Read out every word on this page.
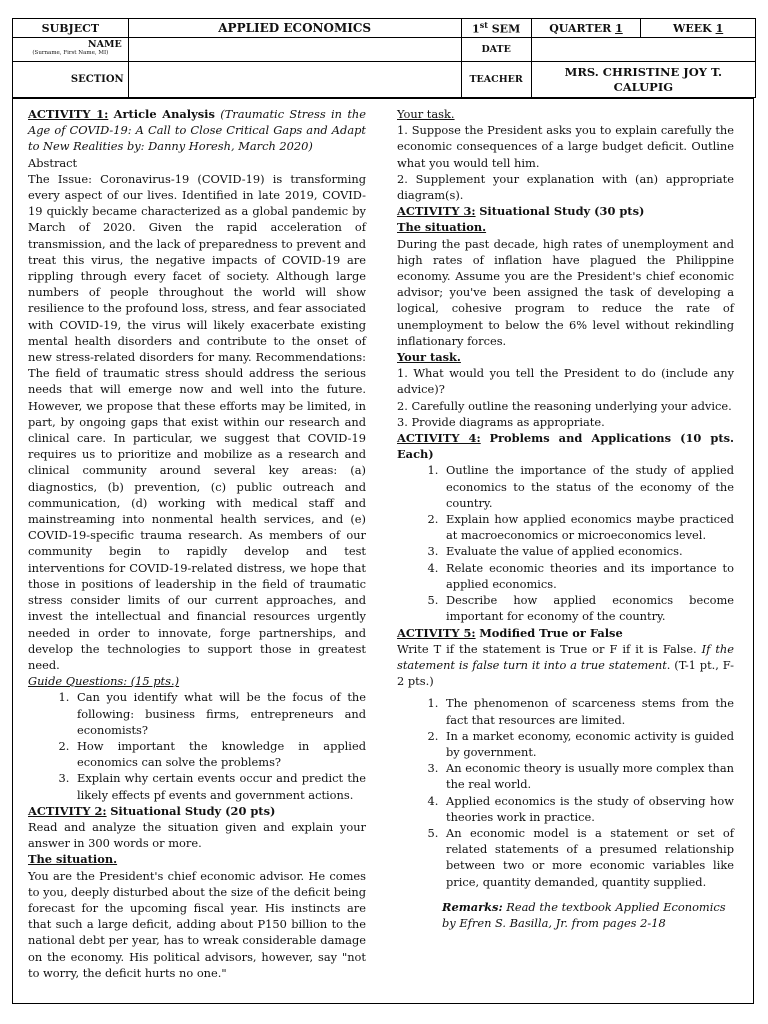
SUBJECT	APPLIED ECONOMICS	1st SEM	QUARTER 1	WEEK 1

NAME
(Surname, First Name, MI)		DATE		
SECTION		TEACHER	MRS. CHRISTINE JOY T. CALUPIG	

ACTIVITY 1: Article Analysis (Traumatic Stress in the Age of COVID-19: A Call to Close Critical Gaps and Adapt to New Realities by: Danny Horesh, March 2020)

Abstract

The Issue: Coronavirus-19 (COVID-19) is transforming every aspect of our lives. Identified in late 2019, COVID-19 quickly became characterized as a global pandemic by March of 2020. Given the rapid acceleration of transmission, and the lack of preparedness to prevent and treat this virus, the negative impacts of COVID-19 are rippling through every facet of society. Although large numbers of people throughout the world will show resilience to the profound loss, stress, and fear associated with COVID-19, the virus will likely exacerbate existing mental health disorders and contribute to the onset of new stress-related disorders for many. Recommendations: The field of traumatic stress should address the serious needs that will emerge now and well into the future. However, we propose that these efforts may be limited, in part, by ongoing gaps that exist within our research and clinical care. In particular, we suggest that COVID-19 requires us to prioritize and mobilize as a research and clinical community around several key areas: (a) diagnostics, (b) prevention, (c) public outreach and communication, (d) working with medical staff and mainstreaming into nonmental health services, and (e) COVID-19-specific trauma research. As members of our community begin to rapidly develop and test interventions for COVID-19-related distress, we hope that those in positions of leadership in the field of traumatic stress consider limits of our current approaches, and invest the intellectual and financial resources urgently needed in order to innovate, forge partnerships, and develop the technologies to support those in greatest need.

Guide Questions: (15 pts.)

1. Can you identify what will be the focus of the following: business firms, entrepreneurs and economists?
2. How important the knowledge in applied economics can solve the problems?
3. Explain why certain events occur and predict the likely effects pf events and government actions.

ACTIVITY 2: Situational Study (20 pts)

Read and analyze the situation given and explain your answer in 300 words or more.

The situation.

You are the President's chief economic advisor. He comes to you, deeply disturbed about the size of the deficit being forecast for the upcoming fiscal year. His instincts are that such a large deficit, adding about P150 billion to the national debt per year, has to wreak considerable damage on the economy. His political advisors, however, say "not to worry, the deficit hurts no one."

Your task.

1. Suppose the President asks you to explain carefully the economic consequences of a large budget deficit. Outline what you would tell him.

2. Supplement your explanation with (an) appropriate diagram(s).

ACTIVITY 3: Situational Study (30 pts)

The situation.

During the past decade, high rates of unemployment and high rates of inflation have plagued the Philippine economy. Assume you are the President's chief economic advisor; you've been assigned the task of developing a logical, cohesive program to reduce the rate of unemployment to below the 6% level without rekindling inflationary forces.

Your task.

1. What would you tell the President to do (include any advice)?

2. Carefully outline the reasoning underlying your advice.

3. Provide diagrams as appropriate.

ACTIVITY 4: Problems and Applications (10 pts. Each)

1. Outline the importance of the study of applied economics to the status of the economy of the country.
2. Explain how applied economics maybe practiced at macroeconomics or microeconomics level.
3. Evaluate the value of applied economics.
4. Relate economic theories and its importance to applied economics.
5. Describe how applied economics become important for economy of the country.

ACTIVITY 5: Modified True or False

Write T if the statement is True or F if it is False. If the statement is false turn it into a true statement. (T-1 pt., F-2 pts.)

1. The phenomenon of scarceness stems from the fact that resources are limited.
2. In a market economy, economic activity is guided by government.
3. An economic theory is usually more complex than the real world.
4. Applied economics is the study of observing how theories work in practice.
5. An economic model is a statement or set of related statements of a presumed relationship between two or more economic variables like price, quantity demanded, quantity supplied.

Remarks: Read the textbook Applied Economics by Efren S. Basilla, Jr. from pages 2-18
